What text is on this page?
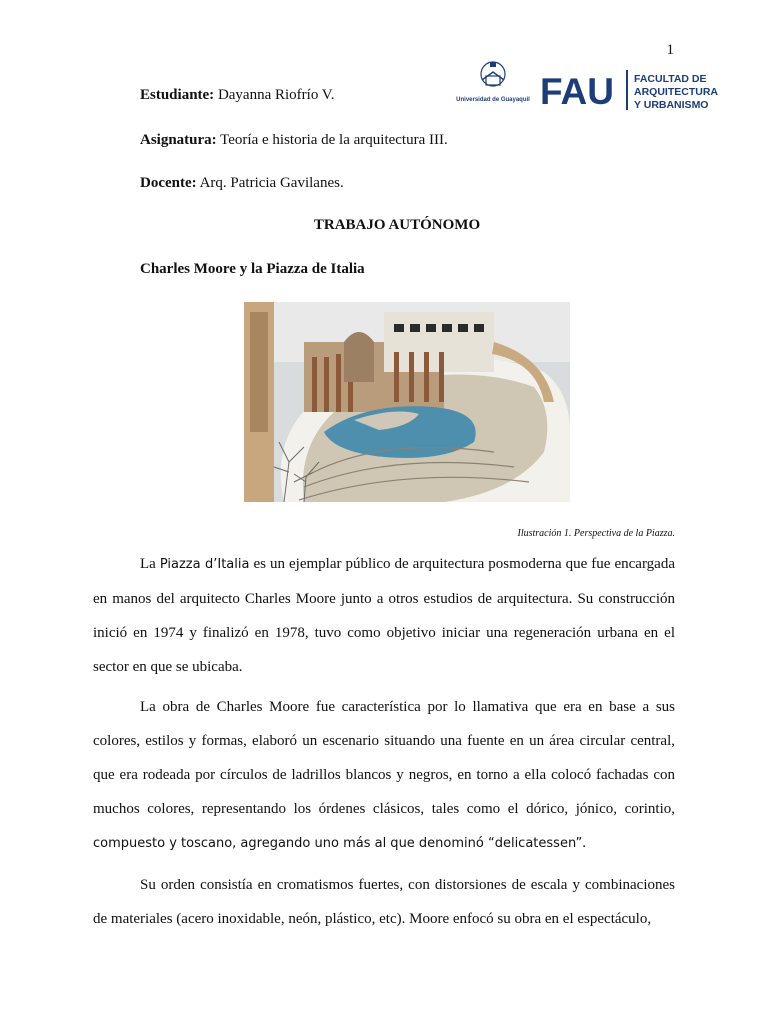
1
Estudiante: Dayanna Riofrío V.
Asignatura: Teoría e historia de la arquitectura III.
Docente: Arq. Patricia Gavilanes.
Universidad de Guayaquil FAU FACULTAD DE
ARQUITECTURA
Y URBANISMO
TRABAJO AUTÓNOMO
Charles Moore y la Piazza de Italia
Ilustración 1. Perspectiva de la Piazza.

La Piazza d’Italia es un ejemplar público de arquitectura posmoderna que fue encargada en manos del arquitecto Charles Moore junto a otros estudios de arquitectura. Su construcción inició en 1974 y finalizó en 1978, tuvo como objetivo iniciar una regeneración urbana en el sector en que se ubicaba.

La obra de Charles Moore fue característica por lo llamativa que era en base a sus colores, estilos y formas, elaboró un escenario situando una fuente en un área circular central, que era rodeada por círculos de ladrillos blancos y negros, en torno a ella colocó fachadas con muchos colores, representando los órdenes clásicos, tales como el dórico, jónico, corintio, compuesto y toscano, agregando uno más al que denominó “delicatessen”.

Su orden consistía en cromatismos fuertes, con distorsiones de escala y combinaciones de materiales (acero inoxidable, neón, plástico, etc). Moore enfocó su obra en el espectáculo,
